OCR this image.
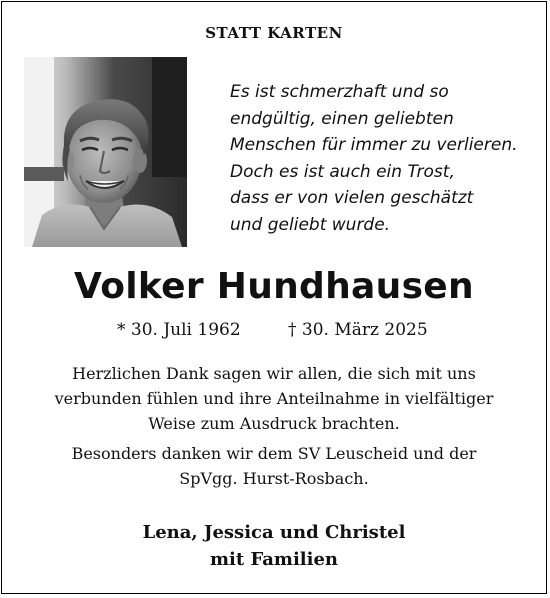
STATT KARTEN
Es ist schmerzhaft und so
endgültig, einen geliebten
Menschen für immer zu verlieren.
Doch es ist auch ein Trost,
dass er von vielen geschätzt
und geliebt wurde.
Volker Hundhausen
* 30. Juli 1962	† 30. März 2025
Herzlichen Dank sagen wir allen, die sich mit uns
verbunden fühlen und ihre Anteilnahme in vielfältiger
Weise zum Ausdruck brachten.
Besonders danken wir dem SV Leuscheid und der
SpVgg. Hurst-Rosbach.
Lena, Jessica und Christel
mit Familien
